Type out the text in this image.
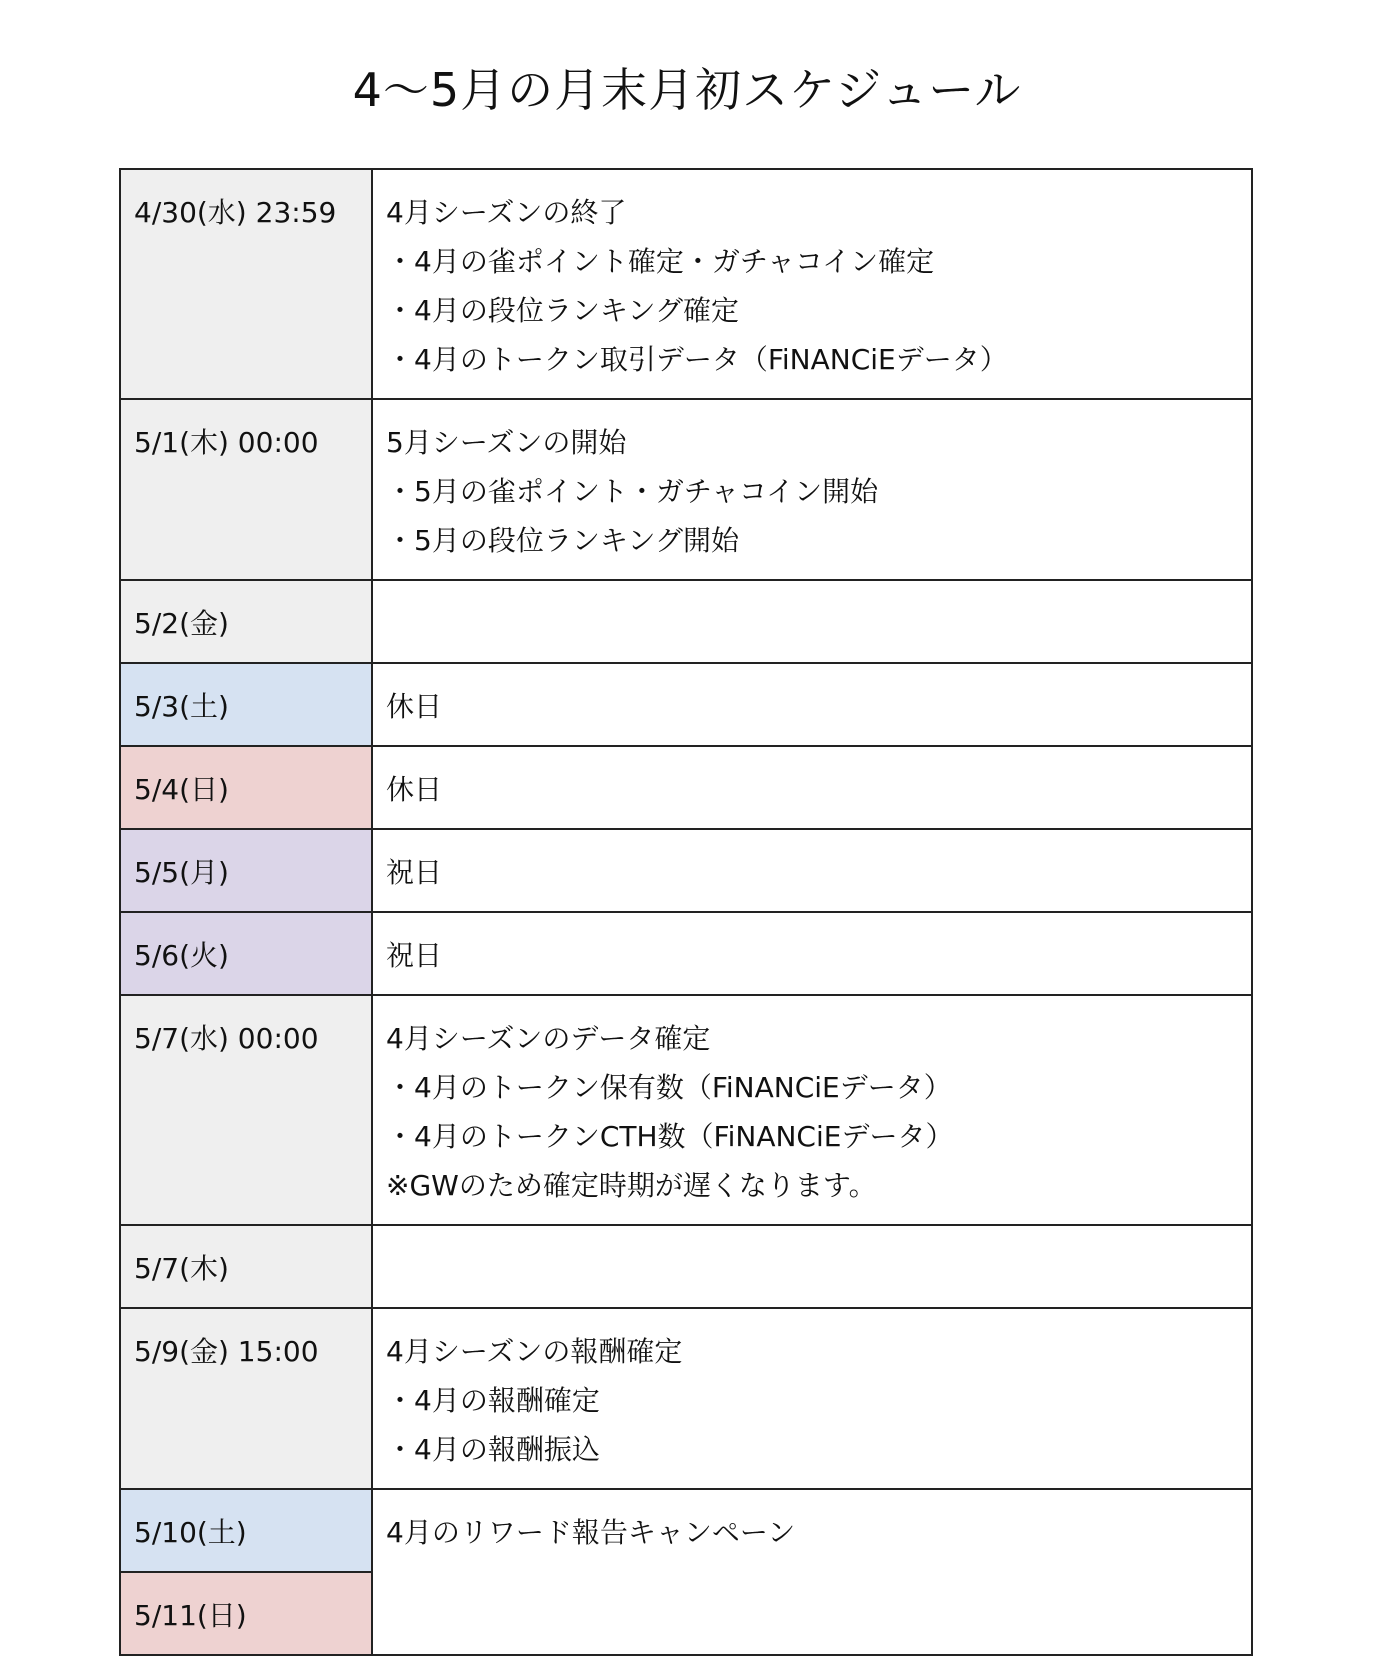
4〜5月の月末月初スケジュール
4/30(水) 23:59	4月シーズンの終了
・4月の雀ポイント確定・ガチャコイン確定
・4月の段位ランキング確定
・4月のトークン取引データ（FiNANCiEデータ）

5/1(木) 00:00	5月シーズンの開始
・5月の雀ポイント・ガチャコイン開始
・5月の段位ランキング開始

5/2(金)	

5/3(土)	休日

5/4(日)	休日

5/5(月)	祝日

5/6(火)	祝日

5/7(水) 00:00	4月シーズンのデータ確定
・4月のトークン保有数（FiNANCiEデータ）
・4月のトークンCTH数（FiNANCiEデータ）
※GWのため確定時期が遅くなります。

5/7(木)	

5/9(金) 15:00	4月シーズンの報酬確定
・4月の報酬確定
・4月の報酬振込

5/10(土)	4月のリワード報告キャンペーン

5/11(日)	
